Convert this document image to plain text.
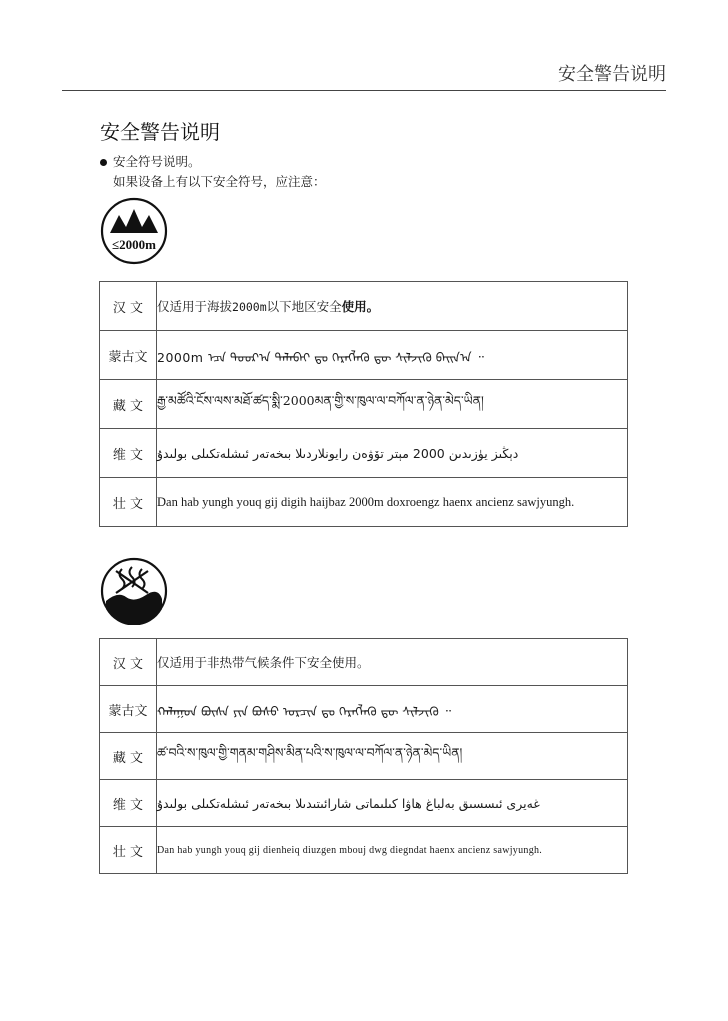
安全警告说明
安全警告说明
安全符号说明。
如果设备上有以下安全符号，应注意：
≤2000m
汉 文	仅适用于海拔2000m以下地区安全使用。
蒙古文	2000m ᠡᠴᠡ ᠳᠣᠣᠷ᠎ᠠ ᠲᠠᠯᠠᠪᠠᠢ ᠳᠤ ᠬᠡᠷᠡᠭᠯᠡᠬᠦ ᠳᠦ ᠰᠢᠯᠵᠢᠬᠦ ᠪᠠᠢᠨ᠎ᠠ ᠃
藏 文	རྒྱ་མཚོའི་ངོས་ལས་མཐོ་ཚད་སྨི་2000མན་གྱི་ས་ཁུལ་ལ་བཀོལ་ན་ཉེན་མེད་ཡིན།
维 文	دېڭىز يۈزىدىن 2000 مېتر تۆۋەن رايونلاردىلا بىخەتەر ئىشلەتكىلى بولىدۇ
壮 文	Dan hab yungh youq gij digih haijbaz 2000m doxroengz haenx ancienz sawjyungh.
汉 文	仅适用于非热带气候条件下安全使用。
蒙古文	ᠬᠠᠯᠠᠭᠤᠨ ᠪᠦᠰᠡ ᠶᠢᠨ ᠪᠤᠰᠤ ᠤᠷᠴᠢᠨ ᠳᠤ ᠬᠡᠷᠡᠭᠯᠡᠬᠦ ᠳᠦ ᠰᠢᠯᠵᠢᠬᠦ ᠃
藏 文	ཚ་བའི་ས་ཁུལ་གྱི་གནམ་གཤིས་མིན་པའི་ས་ཁུལ་ལ་བཀོལ་ན་ཉེན་མེད་ཡིན།
维 文	غەيرى ئىسسىق بەلباغ ھاۋا كىلىماتى شارائىتىدىلا بىخەتەر ئىشلەتكىلى بولىدۇ
壮 文	Dan hab yungh youq gij dienheiq diuzgen mbouj dwg diegndat haenx ancienz sawjyungh.
